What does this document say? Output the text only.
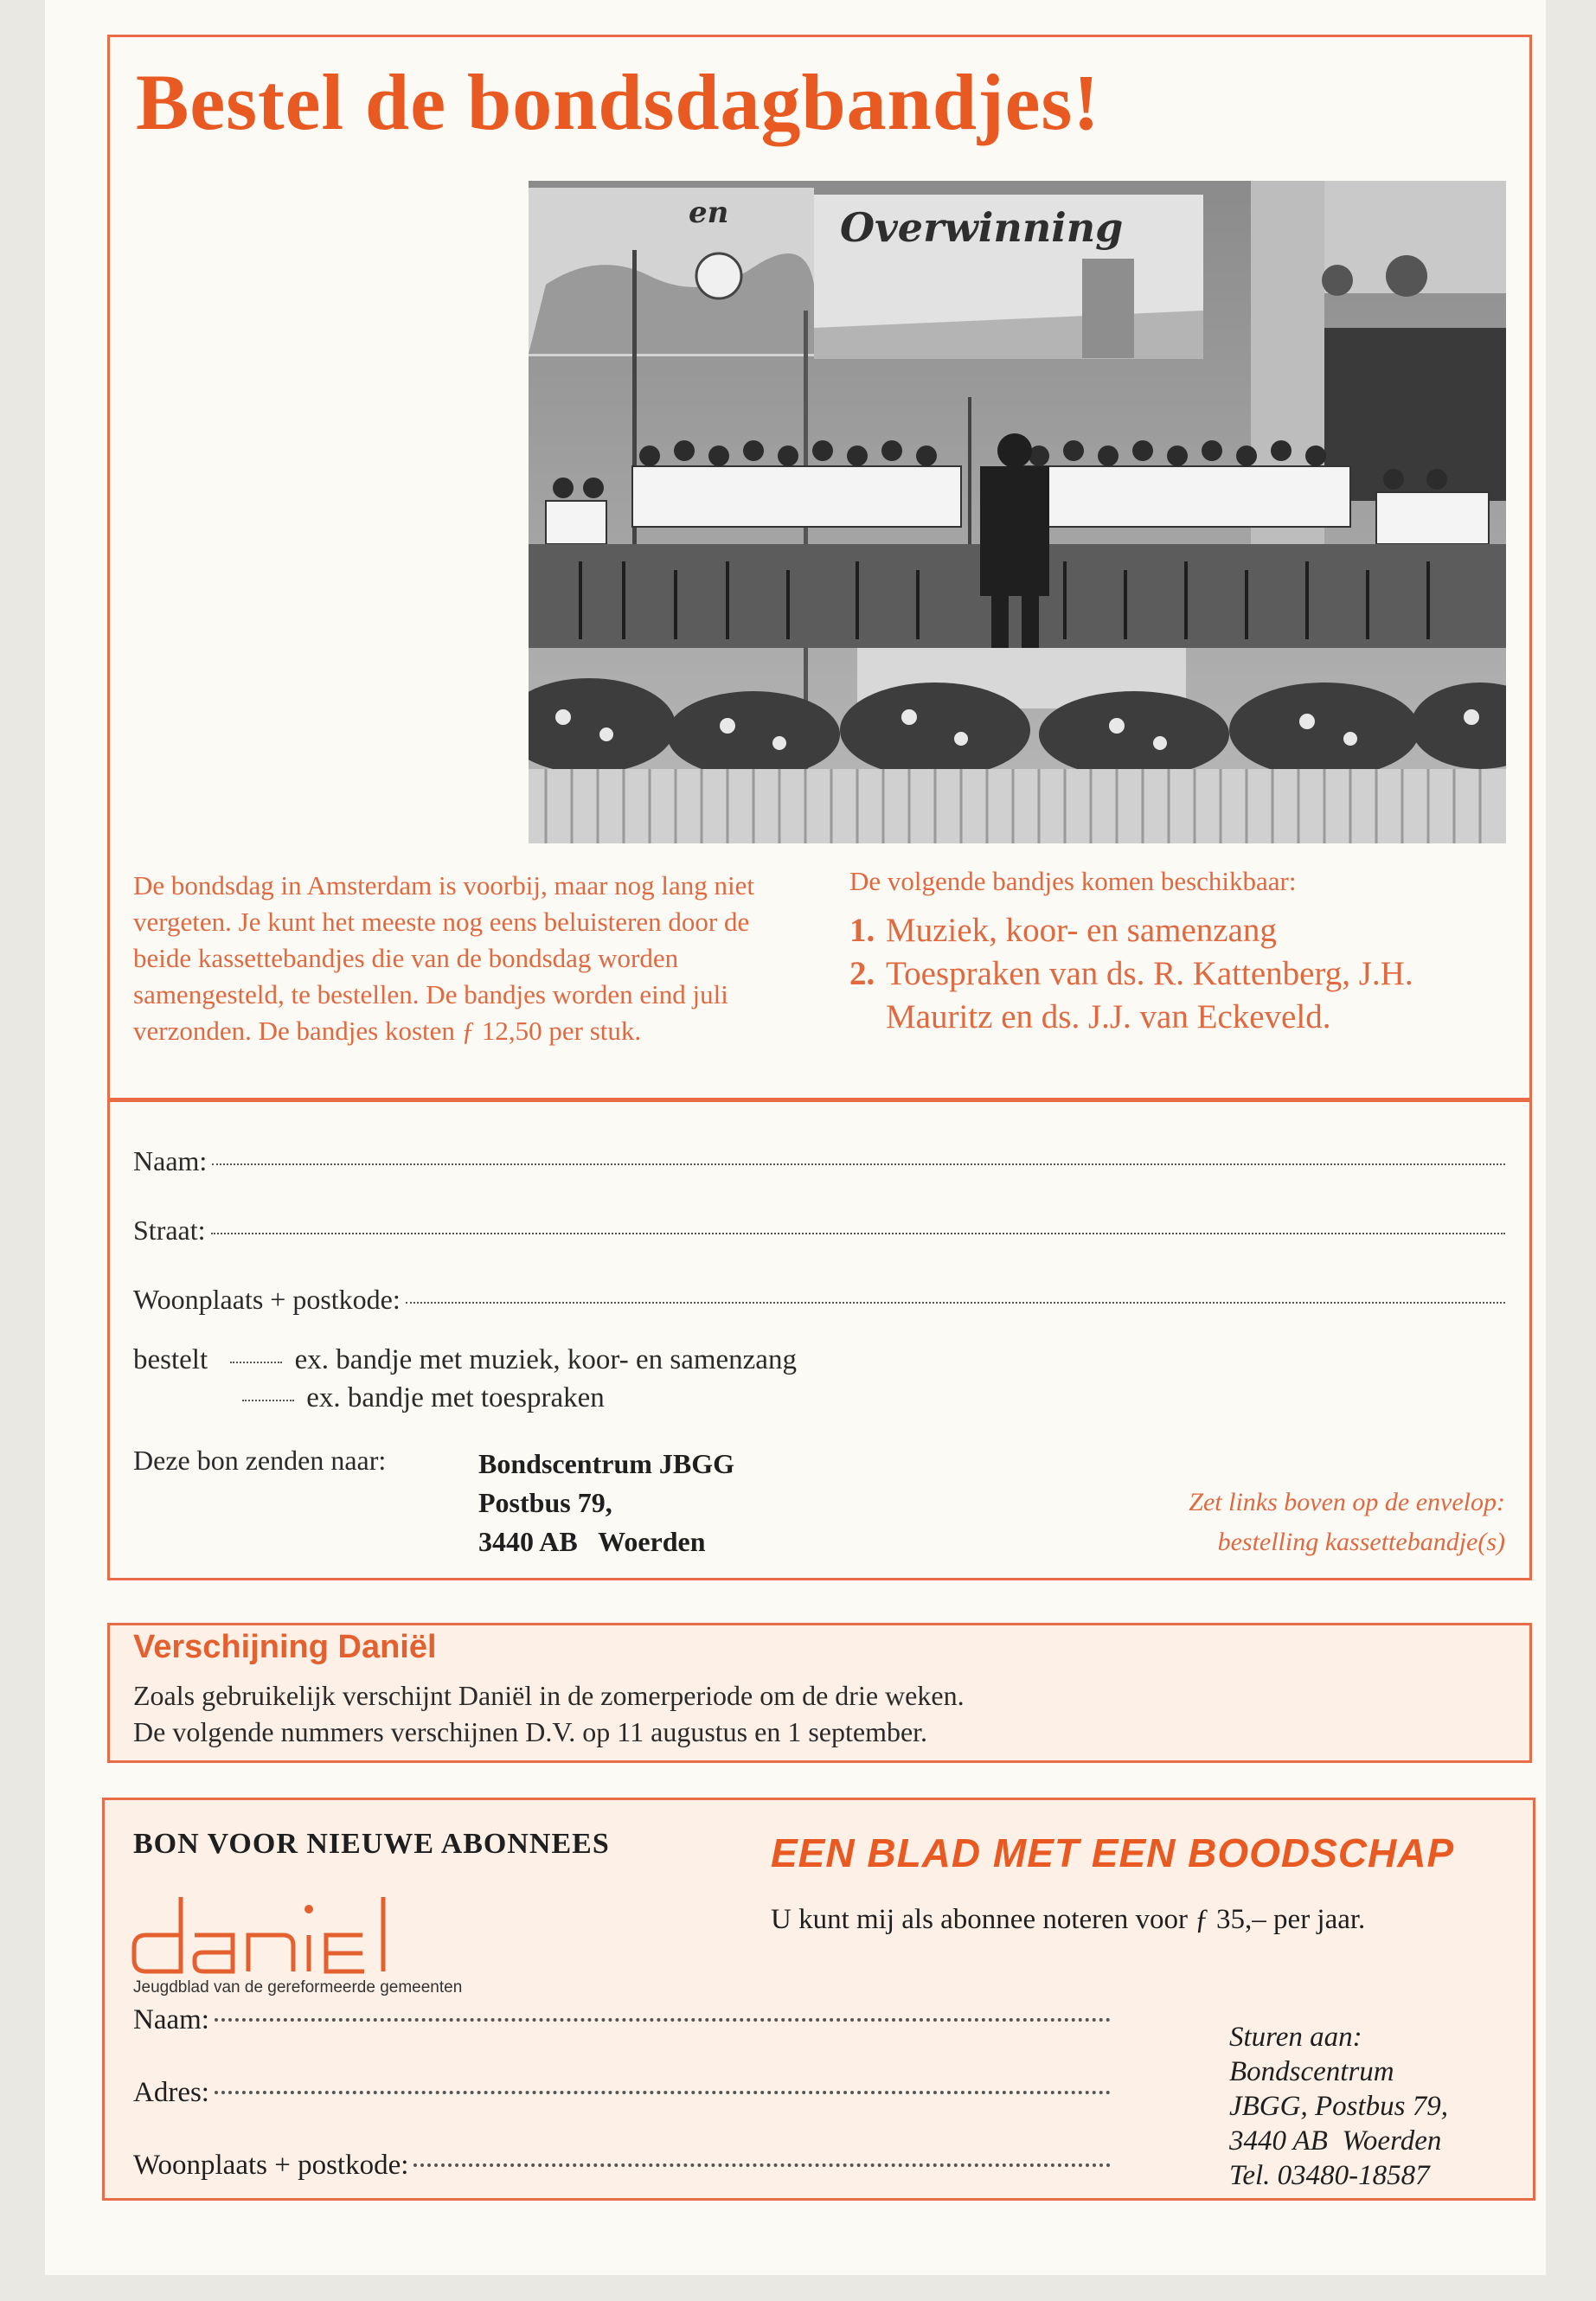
Bestel de bondsdagbandjes!
en	Overwinning

De bondsdag in Amsterdam is voorbij, maar nog lang niet vergeten. Je kunt het meeste nog eens beluisteren door de beide kassettebandjes die van de bondsdag worden samengesteld, te bestellen. De bandjes worden eind juli verzonden. De bandjes kosten ƒ 12,50 per stuk.

De volgende bandjes komen beschikbaar:

1. Muziek, koor- en samenzang
2. Toespraken van ds. R. Kattenberg, J.H. Mauritz en ds. J.J. van Eckeveld.
Naam:
Straat:
Woonplaats + postkode:
bestelt	ex. bandje met muziek, koor- en samenzang
ex. bandje met toespraken
Deze bon zenden naar:	Bondscentrum JBGG
Postbus 79,
3440 AB   Woerden
Zet links boven op de envelop:
bestelling kassettebandje(s)
Verschijning Daniël

Zoals gebruikelijk verschijnt Daniël in de zomerperiode om de drie weken.
De volgende nummers verschijnen D.V. op 11 augustus en 1 september.

BON VOOR NIEUWE ABONNEES	EEN BLAD MET EEN BOODSCHAP
U kunt mij als abonnee noteren voor ƒ 35,– per jaar.
Jeugdblad van de gereformeerde gemeenten
Naam:
Adres:
Woonplaats + postkode:
Sturen aan:
Bondscentrum
JBGG, Postbus 79,
3440 AB  Woerden
Tel. 03480-18587
